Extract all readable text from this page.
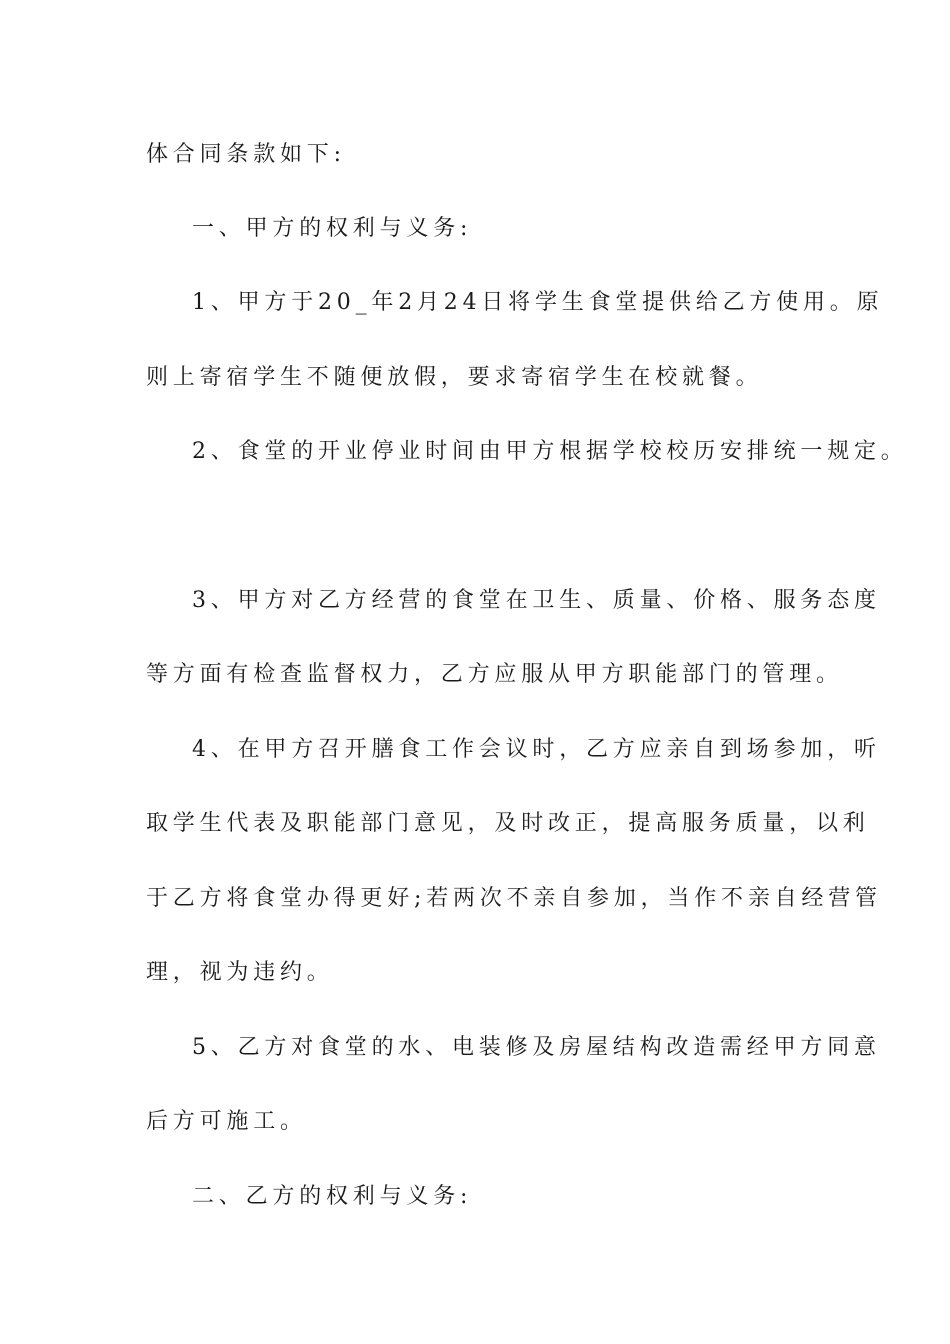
体合同条款如下:
一、甲方的权利与义务:
1、甲方于20_年2月24日将学生食堂提供给乙方使用。原
则上寄宿学生不随便放假，要求寄宿学生在校就餐。
2、食堂的开业停业时间由甲方根据学校校历安排统一规定。
3、甲方对乙方经营的食堂在卫生、质量、价格、服务态度
等方面有检查监督权力，乙方应服从甲方职能部门的管理。
4、在甲方召开膳食工作会议时，乙方应亲自到场参加，听
取学生代表及职能部门意见，及时改正，提高服务质量，以利
于乙方将食堂办得更好;若两次不亲自参加，当作不亲自经营管
理，视为违约。
5、乙方对食堂的水、电装修及房屋结构改造需经甲方同意
后方可施工。
二、乙方的权利与义务:
